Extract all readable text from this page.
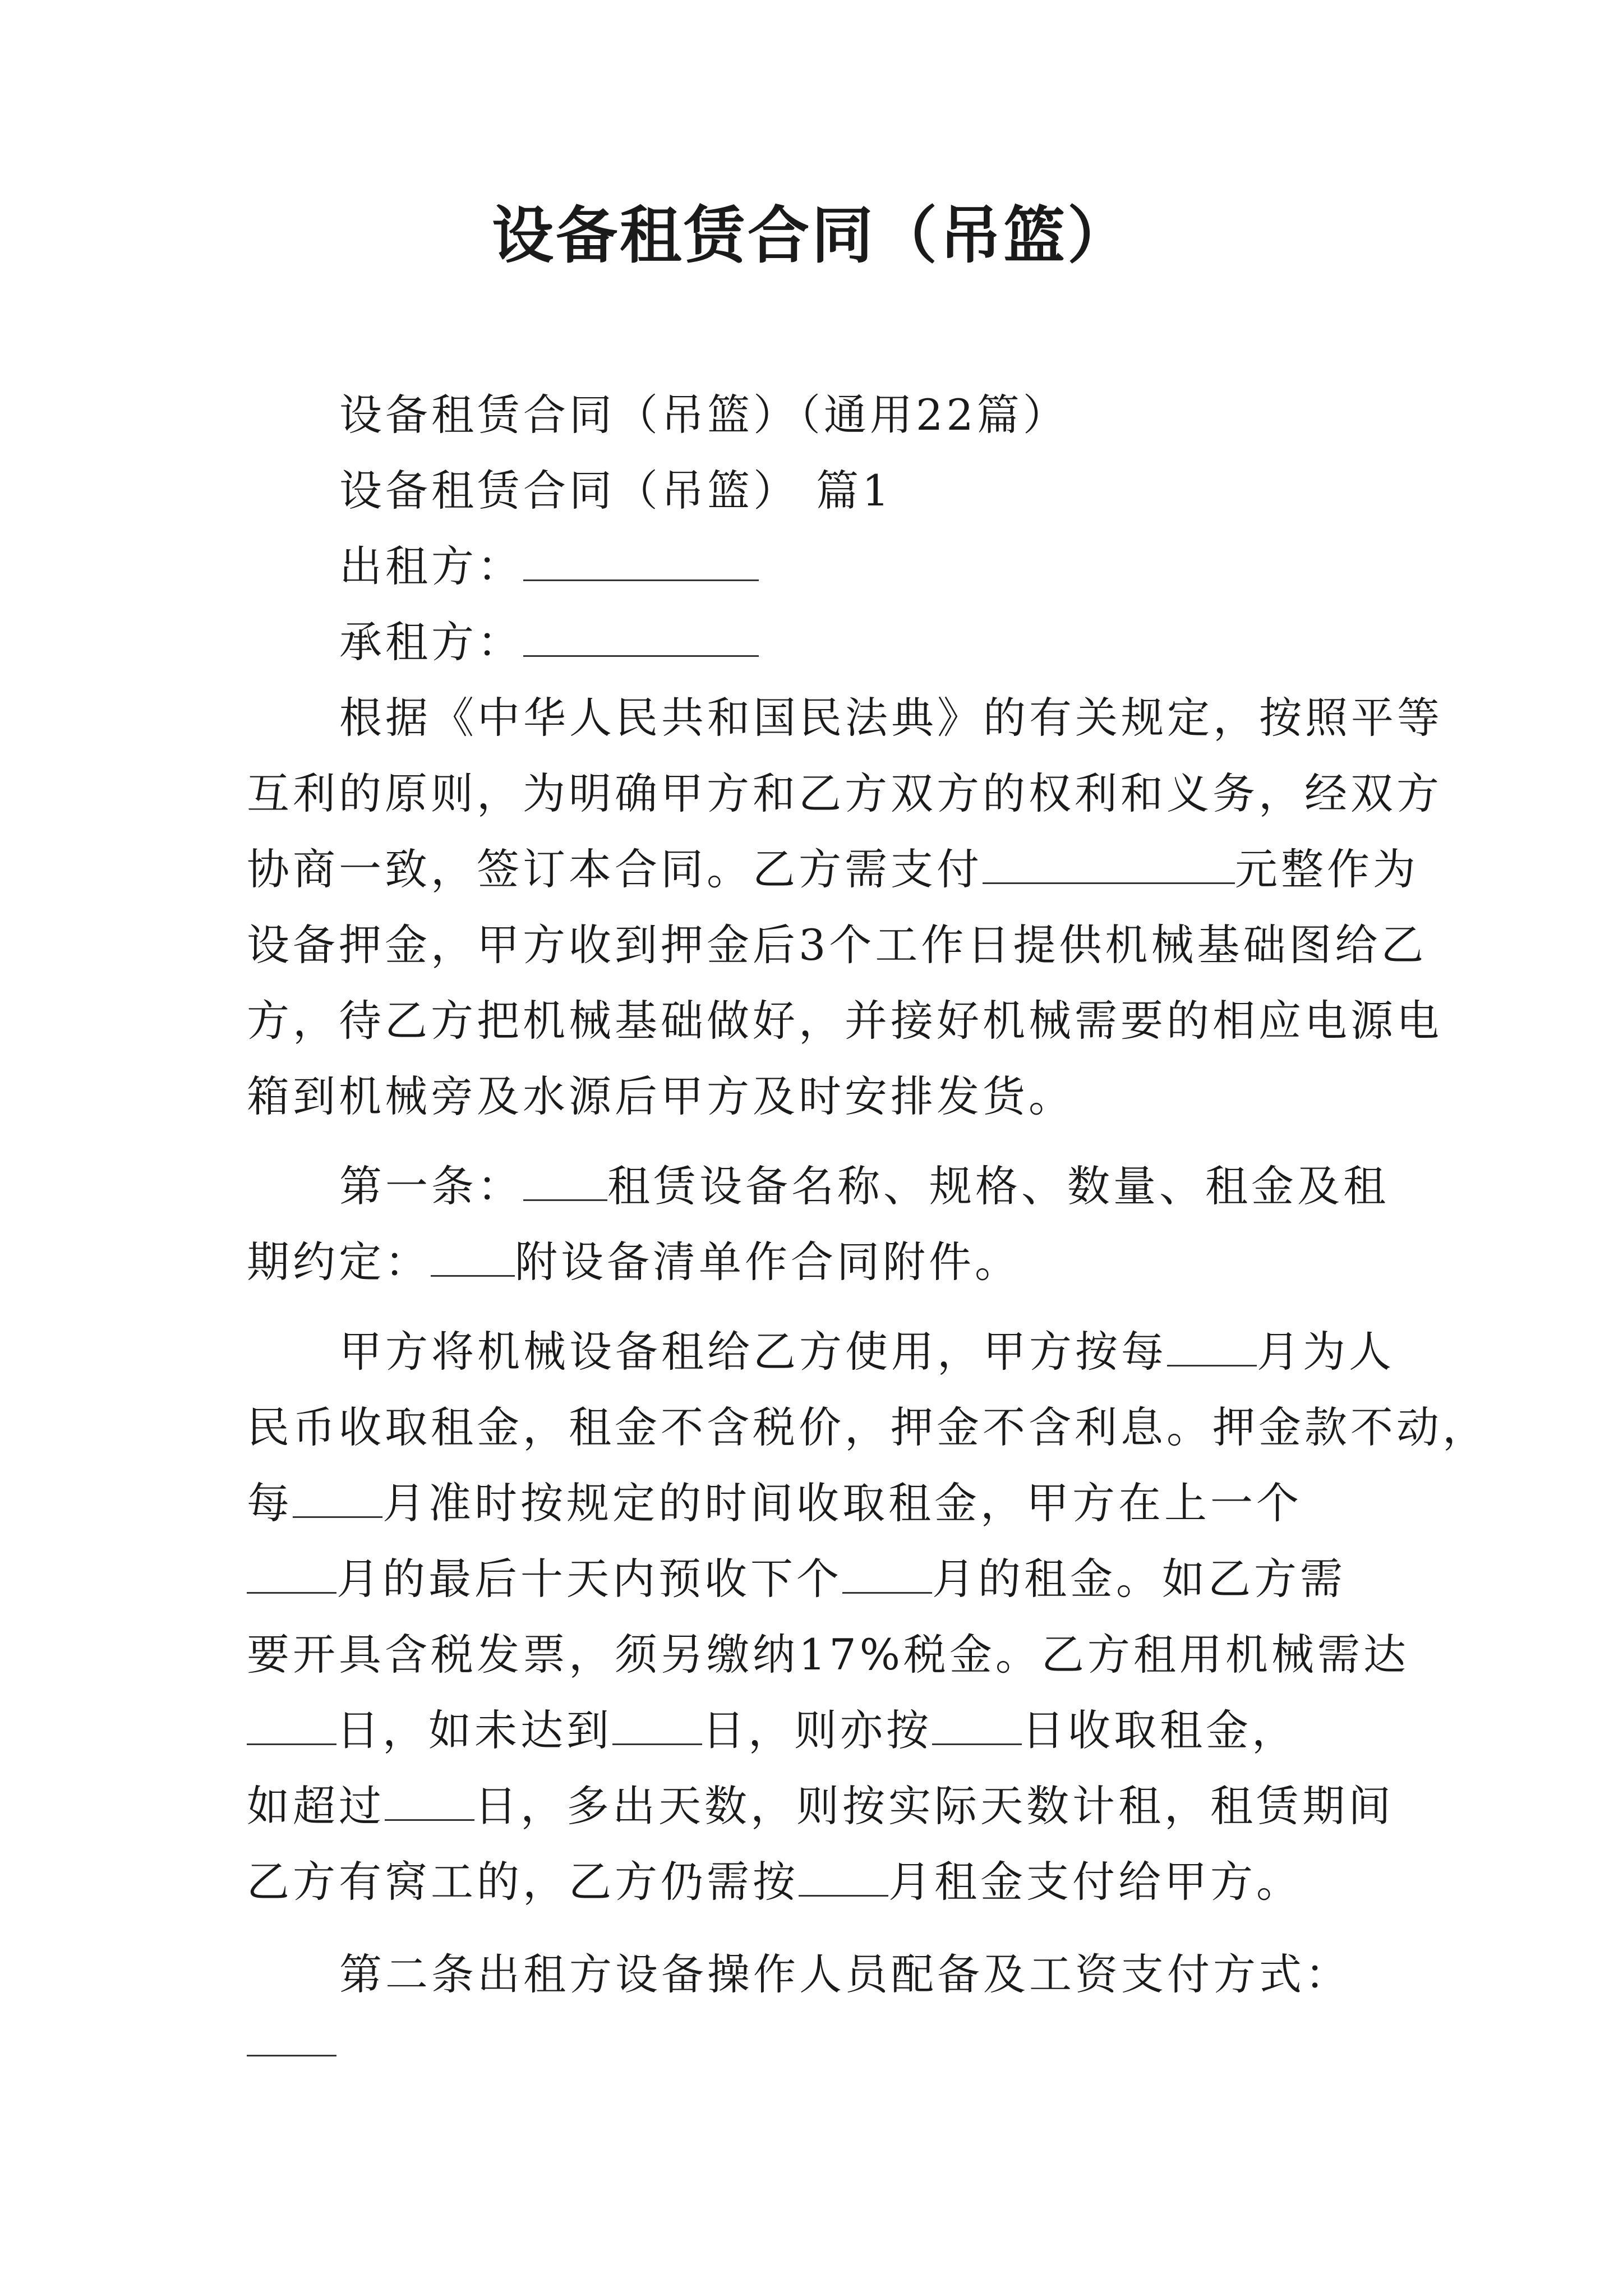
设备租赁合同（吊篮）
设备租赁合同（吊篮）（通用22篇）
设备租赁合同（吊篮） 篇1
出租方：
承租方：
根据《中华人民共和国民法典》的有关规定，按照平等
互利的原则，为明确甲方和乙方双方的权利和义务，经双方
协商一致，签订本合同。乙方需支付	元整作为
设备押金，甲方收到押金后3个工作日提供机械基础图给乙
方，待乙方把机械基础做好，并接好机械需要的相应电源电
箱到机械旁及水源后甲方及时安排发货。
第一条： 租赁设备名称、规格、数量、租金及租
期约定： 附设备清单作合同附件。
甲方将机械设备租给乙方使用，甲方按每 月为人
民币收取租金，租金不含税价，押金不含利息。押金款不动，
每 月准时按规定的时间收取租金，甲方在上一个
月的最后十天内预收下个 月的租金。如乙方需
要开具含税发票，须另缴纳17%税金。乙方租用机械需达
日，如未达到 日，则亦按 日收取租金，
如超过 日，多出天数，则按实际天数计租，租赁期间
乙方有窝工的，乙方仍需按 月租金支付给甲方。
第二条出租方设备操作人员配备及工资支付方式：
